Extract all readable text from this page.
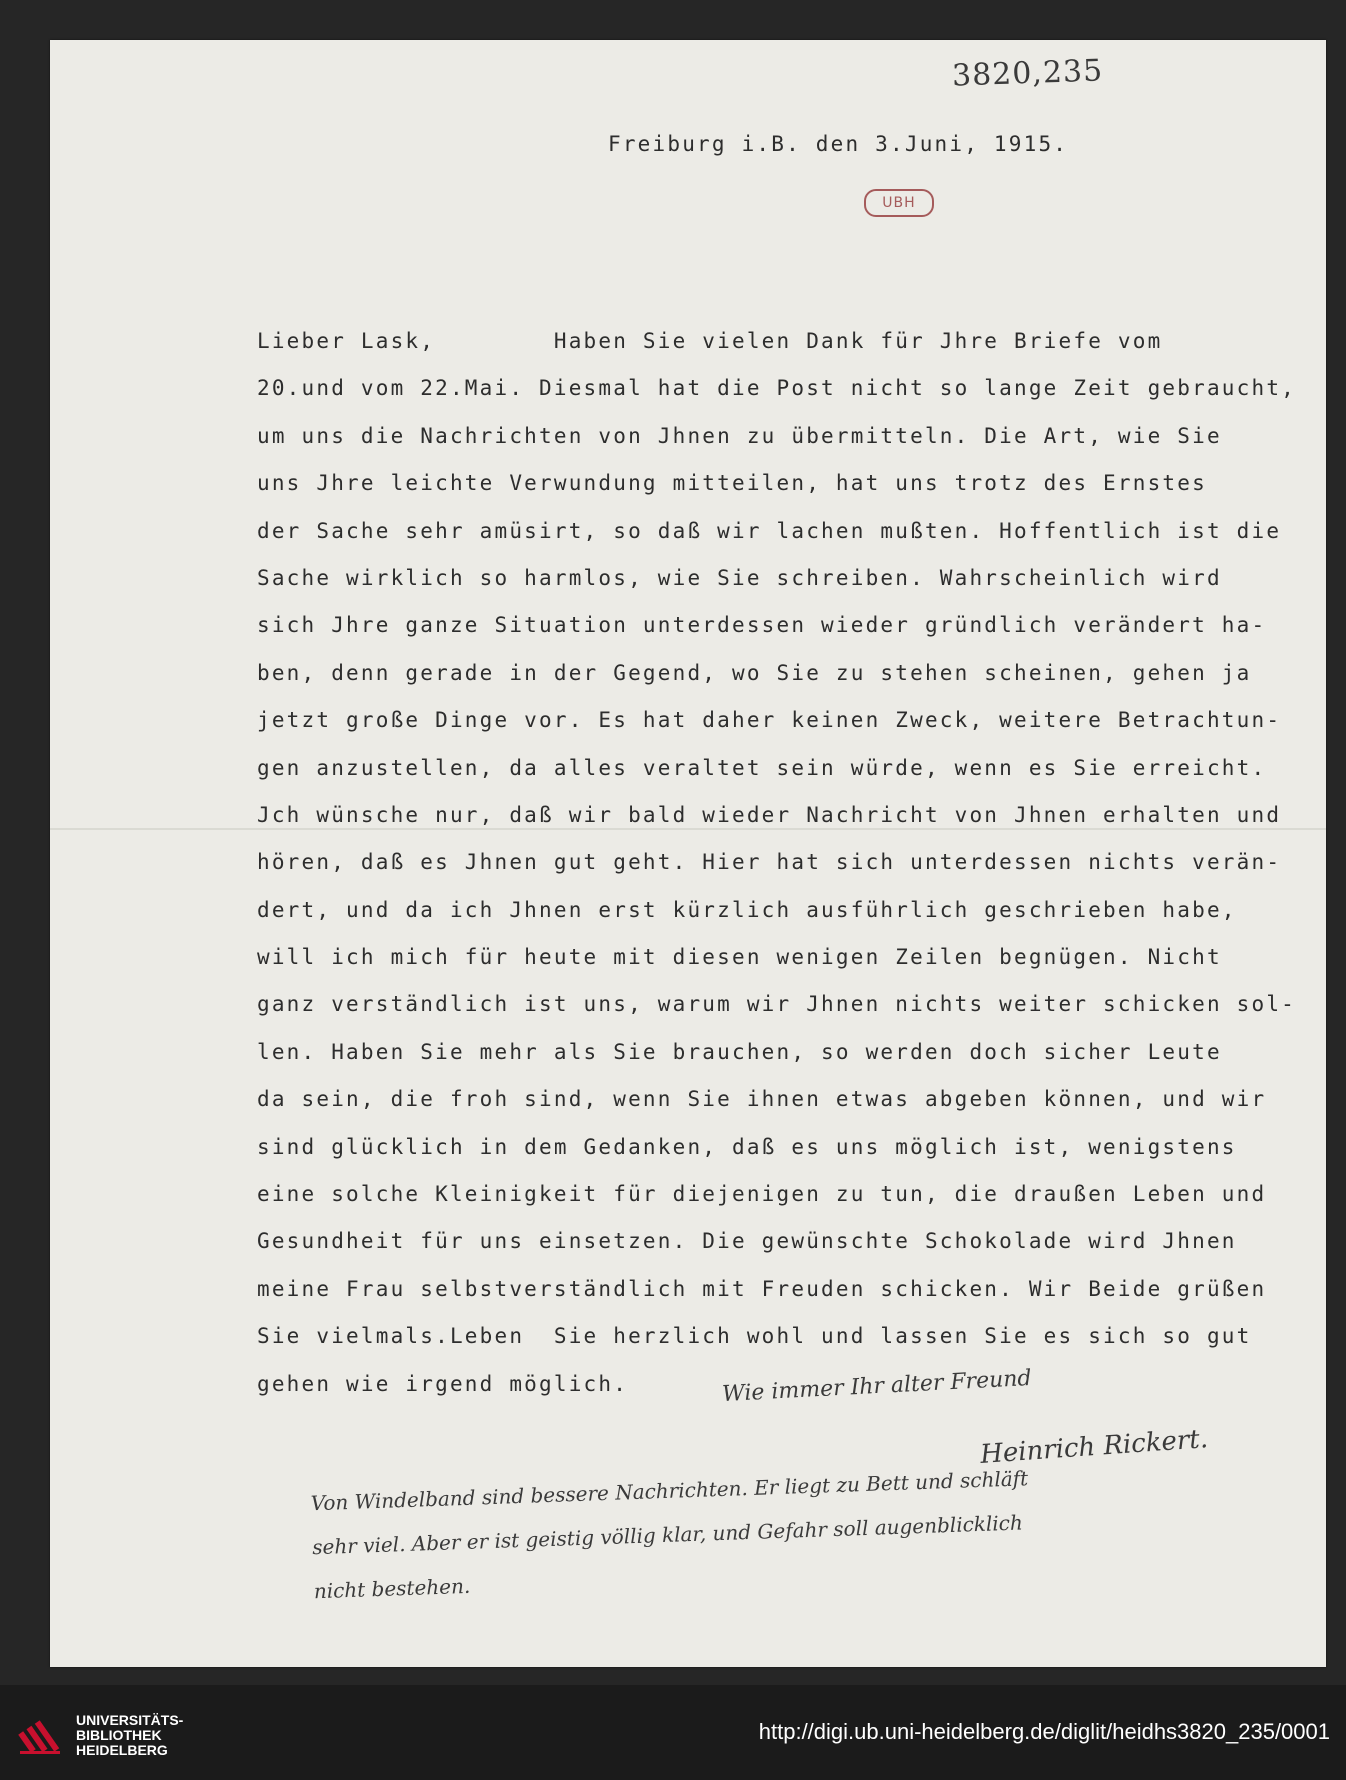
3820,235
UBH
Freiburg i.B. den 3.Juni, 1915.
Lieber Lask,        Haben Sie vielen Dank für Jhre Briefe vom
20.und vom 22.Mai. Diesmal hat die Post nicht so lange Zeit gebraucht,
um uns die Nachrichten von Jhnen zu übermitteln. Die Art, wie Sie
uns Jhre leichte Verwundung mitteilen, hat uns trotz des Ernstes
der Sache sehr amüsirt, so daß wir lachen mußten. Hoffentlich ist die
Sache wirklich so harmlos, wie Sie schreiben. Wahrscheinlich wird
sich Jhre ganze Situation unterdessen wieder gründlich verändert ha-
ben, denn gerade in der Gegend, wo Sie zu stehen scheinen, gehen ja
jetzt große Dinge vor. Es hat daher keinen Zweck, weitere Betrachtun-
gen anzustellen, da alles veraltet sein würde, wenn es Sie erreicht.
Jch wünsche nur, daß wir bald wieder Nachricht von Jhnen erhalten und
hören, daß es Jhnen gut geht. Hier hat sich unterdessen nichts verän-
dert, und da ich Jhnen erst kürzlich ausführlich geschrieben habe,
will ich mich für heute mit diesen wenigen Zeilen begnügen. Nicht
ganz verständlich ist uns, warum wir Jhnen nichts weiter schicken sol-
len. Haben Sie mehr als Sie brauchen, so werden doch sicher Leute
da sein, die froh sind, wenn Sie ihnen etwas abgeben können, und wir
sind glücklich in dem Gedanken, daß es uns möglich ist, wenigstens
eine solche Kleinigkeit für diejenigen zu tun, die draußen Leben und
Gesundheit für uns einsetzen. Die gewünschte Schokolade wird Jhnen
meine Frau selbstverständlich mit Freuden schicken. Wir Beide grüßen
Sie vielmals.Leben  Sie herzlich wohl und lassen Sie es sich so gut
gehen wie irgend möglich.	Wie immer Ihr alter Freund
Heinrich Rickert.
Von Windelband sind bessere Nachrichten. Er liegt zu Bett und schläft
sehr viel. Aber er ist geistig völlig klar, und Gefahr soll augenblicklich
nicht bestehen.
UNIVERSITÄTS-
BIBLIOTHEK
HEIDELBERG
http://digi.ub.uni-heidelberg.de/diglit/heidhs3820_235/0001
